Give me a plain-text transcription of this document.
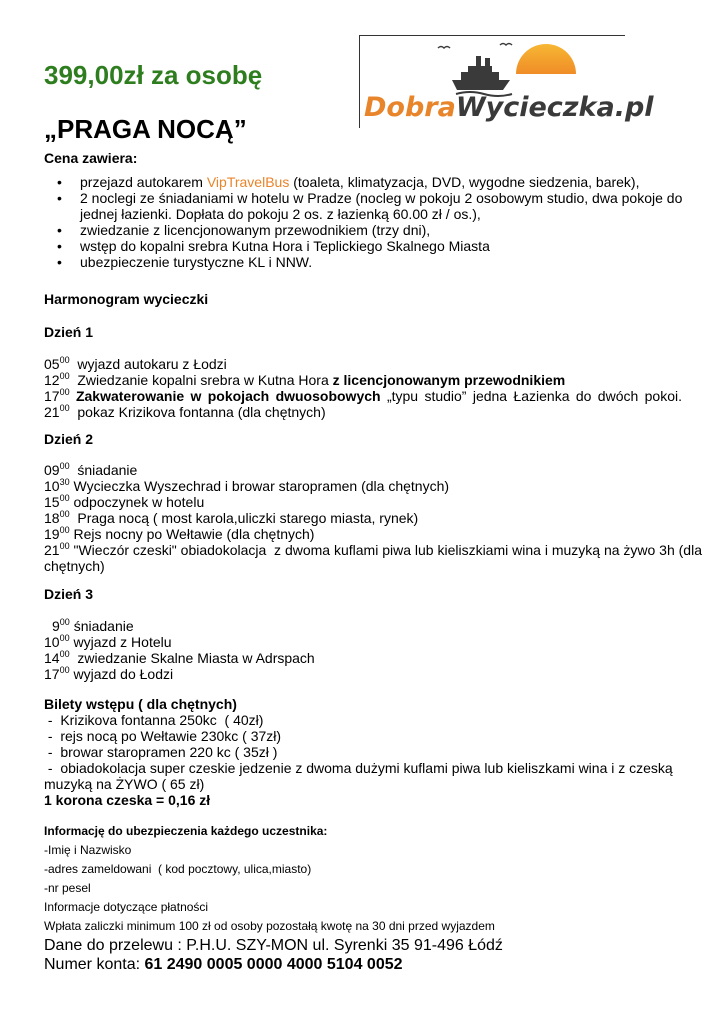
399,00zł za osobę
„PRAGA NOCĄ”
DobraWycieczka.pl
Cena zawiera:
• przejazd autokarem VipTravelBus (toaleta, klimatyzacja, DVD, wygodne siedzenia, barek),
• 2 noclegi ze śniadaniami w hotelu w Pradze (nocleg w pokoju 2 osobowym studio, dwa pokoje do jednej łazienki. Dopłata do pokoju 2 os. z łazienką 60.00 zł / os.),
• zwiedzanie z licencjonowanym przewodnikiem (trzy dni),
• wstęp do kopalni srebra Kutna Hora i Teplickiego Skalnego Miasta
• ubezpieczenie turystyczne KL i NNW.
Harmonogram wycieczki
Dzień 1
$05^{00}$  wyjazd autokaru z Łodzi
$12^{00}$  Zwiedzanie kopalni srebra w Kutna Hora z licencjonowanym przewodnikiem
$17^{00}$ Zakwaterowanie w pokojach dwuosobowych „typu studio” jedna Łazienka do dwóch pokoi.
$21^{00}$  pokaz Krizikova fontanna (dla chętnych)
Dzień 2
$09^{00}$  śniadanie
$10^{30}$ Wycieczka Wyszechrad i browar staropramen (dla chętnych)
$15^{00}$ odpoczynek w hotelu
$18^{00}$  Praga nocą ( most karola,uliczki starego miasta, rynek)
$19^{00}$ Rejs nocny po Wełtawie (dla chętnych)
$21^{00}$ "Wieczór czeski" obiadokolacja  z dwoma kuflami piwa lub kieliszkiami wina i muzyką na żywo 3h (dla
chętnych)
Dzień 3
$9^{00}$ śniadanie
$10^{00}$ wyjazd z Hotelu
$14^{00}$  zwiedzanie Skalne Miasta w Adrspach
$17^{00}$ wyjazd do Łodzi
Bilety wstępu ( dla chętnych)
-  Krizikova fontanna 250kc  ( 40zł)
-  rejs nocą po Wełtawie 230kc ( 37zł)
-  browar staropramen 220 kc ( 35zł )
-  obiadokolacja super czeskie jedzenie z dwoma dużymi kuflami piwa lub kieliszkami wina i z czeską
muzyką na ŻYWO ( 65 zł)
1 korona czeska = 0,16 zł
Informację do ubezpieczenia każdego uczestnika:
-Imię i Nazwisko
-adres zameldowani  ( kod pocztowy, ulica,miasto)
-nr pesel
Informacje dotyczące płatności
Wpłata zaliczki minimum 100 zł od osoby pozostałą kwotę na 30 dni przed wyjazdem
Dane do przelewu : P.H.U. SZY-MON ul. Syrenki 35 91-496 Łódź
Numer konta: 61 2490 0005 0000 4000 5104 0052
